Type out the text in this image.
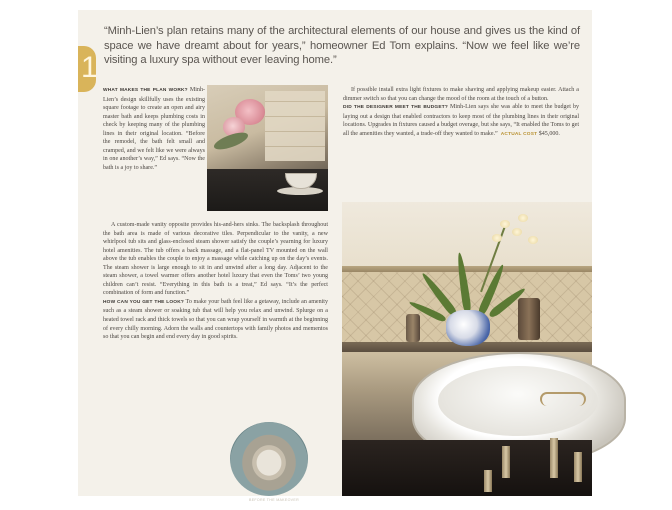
1
“Minh-Lien’s plan retains many of the architectural elements of our house and gives us the kind of space we have dreamt about for years,” homeowner Ed Tom explains. “Now we feel like we’re visiting a luxury spa without ever leaving home.”

WHAT MAKES THE PLAN WORK? Minh-Lien’s design skillfully uses the existing square footage to create an open and airy master bath and keeps plumbing costs in check by keeping many of the plumbing lines in their original location. “Before the remodel, the bath felt small and cramped, and we felt like we were always in one another’s way,” Ed says. “Now the bath is a joy to share.”

A custom-made vanity opposite provides his-and-hers sinks. The backsplash throughout the bath area is made of various decorative tiles. Perpendicular to the vanity, a new whirlpool tub sits and glass-enclosed steam shower satisfy the couple’s yearning for luxury hotel amenities. The tub offers a back massage, and a flat-panel TV mounted on the wall above the tub enables the couple to enjoy a massage while catching up on the day’s events. The steam shower is large enough to sit in and unwind after a long day. Adjacent to the steam shower, a towel warmer offers another hotel luxury that even the Toms’ two young children can’t resist. “Everything in this bath is a treat,” Ed says. “It’s the perfect combination of form and function.”

HOW CAN YOU GET THE LOOK? To make your bath feel like a getaway, include an amenity such as a steam shower or soaking tub that will help you relax and unwind. Splurge on a heated towel rack and thick towels so that you can wrap yourself in warmth at the beginning of every chilly morning. Adorn the walls and countertops with family photos and mementos so that you can begin and end every day in good spirits.

BEFORE THE MAKEOVER

If possible install extra light fixtures to make shaving and applying makeup easier. Attach a dimmer switch so that you can change the mood of the room at the touch of a button.

DID THE DESIGNER MEET THE BUDGET? Minh-Lien says she was able to meet the budget by laying out a design that enabled contractors to keep most of the plumbing lines in their original locations. Upgrades in fixtures caused a budget overage, but she says, “It enabled the Toms to get all the amenities they wanted, a trade-off they wanted to make.” ACTUAL COST $45,000.
